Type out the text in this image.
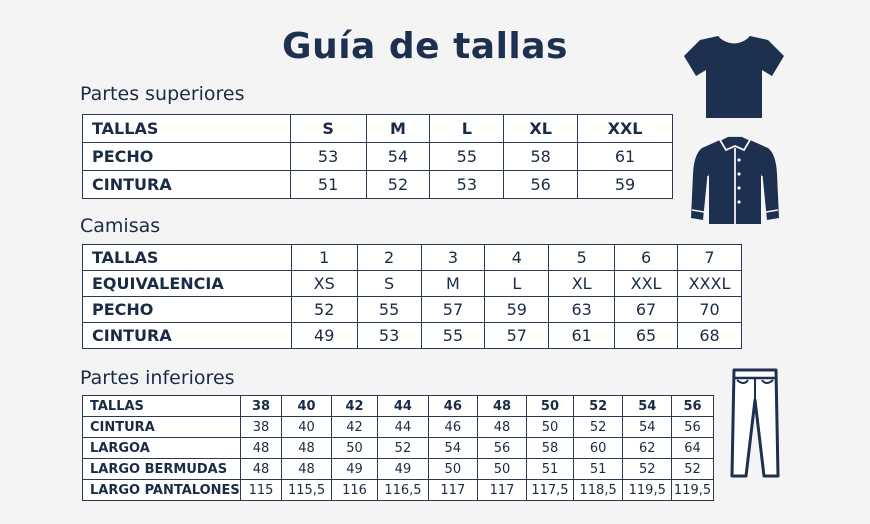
Guía de tallas
Partes superiores
TALLAS	S	M	L	XL	XXL
PECHO	53	54	55	58	61
CINTURA	51	52	53	56	59
Camisas
TALLAS	1	2	3	4	5	6	7
EQUIVALENCIA	XS	S	M	L	XL	XXL	XXXL
PECHO	52	55	57	59	63	67	70
CINTURA	49	53	55	57	61	65	68
Partes inferiores
TALLAS	38	40	42	44	46	48	50	52	54	56
CINTURA	38	40	42	44	46	48	50	52	54	56
LARGOA	48	48	50	52	54	56	58	60	62	64
LARGO BERMUDAS	48	48	49	49	50	50	51	51	52	52
LARGO PANTALONES	115	115,5	116	116,5	117	117	117,5	118,5	119,5	119,5
